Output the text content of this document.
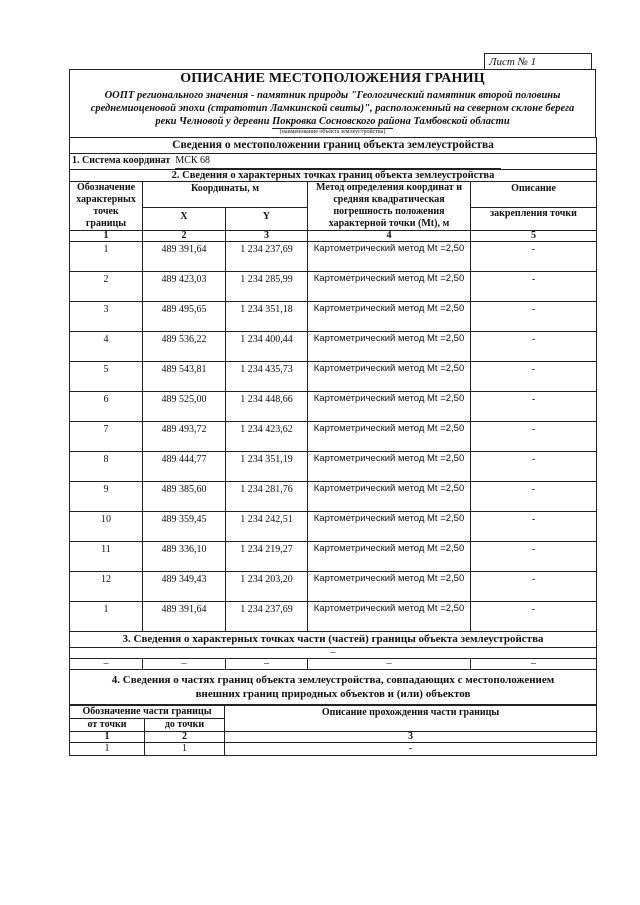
Лист № 1
ОПИСАНИЕ МЕСТОПОЛОЖЕНИЯ ГРАНИЦ
ООПТ регионального значения - памятник природы "Геологический памятник второй половины среднемиоценовой эпохи (стратотип Ламкинской свиты)", расположенный на северном склоне берега реки Челновой у деревни Покровка Сосновского района Тамбовской области
(наименование объекта землеустройства)
Сведения о местоположении границ объекта землеустройства				
1. Система координат МСК 68				
2. Сведения о характерных точках границ объекта землеустройства				
Обозначение характерных точек границы	Координаты, м		Метод определения координат и средняя квадратическая погрешность положения характерной точки (Mt), м	Описание
	X	Y		закрепления точки
1	2	3	4	5
1	489 391,64	1 234 237,69	Картометрический метод Mt =2,50	-
2	489 423,03	1 234 285,99	Картометрический метод Mt =2,50	-
3	489 495,65	1 234 351,18	Картометрический метод Mt =2,50	-
4	489 536,22	1 234 400,44	Картометрический метод Mt =2,50	-
5	489 543,81	1 234 435,73	Картометрический метод Mt =2,50	-
6	489 525,00	1 234 448,66	Картометрический метод Mt =2,50	-
7	489 493,72	1 234 423,62	Картометрический метод Mt =2,50	-
8	489 444,77	1 234 351,19	Картометрический метод Mt =2,50	-
9	489 385,60	1 234 281,76	Картометрический метод Mt =2,50	-
10	489 359,45	1 234 242,51	Картометрический метод Mt =2,50	-
11	489 336,10	1 234 219,27	Картометрический метод Mt =2,50	-
12	489 349,43	1 234 203,20	Картометрический метод Mt =2,50	-
1	489 391,64	1 234 237,69	Картометрический метод Mt =2,50	-
3. Сведения о характерных точках части (частей) границы объекта землеустройства				
–				
–	–	–	–	–
4. Сведения о частях границ объекта землеустройства, совпадающих с местоположением внешних границ природных объектов и (или) объектов				
Обозначение части границы		Описание прохождения части границы
от точки	до точки	
1	2	3
1	1	-
